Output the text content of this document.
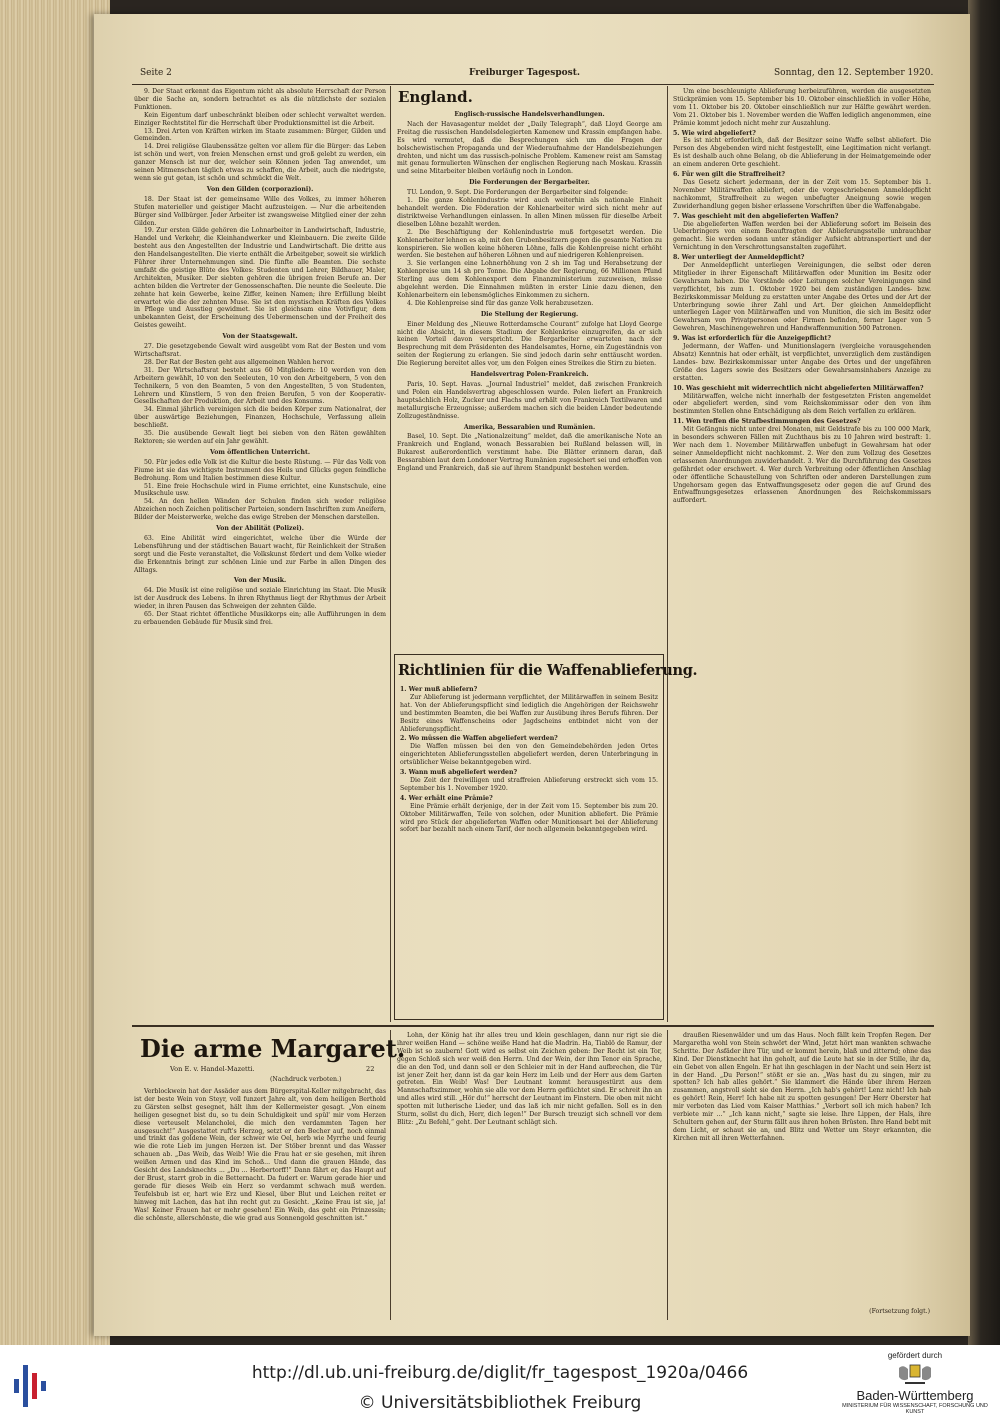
Seite 2	Freiburger Tagespost.	Sonntag, den 12. September 1920.

9. Der Staat erkennt das Eigentum nicht als absolute Herrschaft der Person über die Sache an, sondern betrachtet es als die nützlichste der sozialen Funktionen.

Kein Eigentum darf unbeschränkt bleiben oder schlecht verwaltet werden. Einziger Rechtstitel für die Herrschaft über Produktionsmittel ist die Arbeit.

13. Drei Arten von Kräften wirken im Staate zusammen: Bürger, Gilden und Gemeinden.

14. Drei religiöse Glaubenssätze gelten vor allem für die Bürger: das Leben ist schön und wert, von freien Menschen ernst und groß gelebt zu werden, ein ganzer Mensch ist nur der, welcher sein Können jeden Tag anwendet, um seinen Mitmenschen täglich etwas zu schaffen, die Arbeit, auch die niedrigste, wenn sie gut getan, ist schön und schmückt die Welt.

Von den Gilden (corporazioni).

18. Der Staat ist der gemeinsame Wille des Volkes, zu immer höheren Stufen materieller und geistiger Macht aufzusteigen. — Nur die arbeitenden Bürger sind Vollbürger. Jeder Arbeiter ist zwangsweise Mitglied einer der zehn Gilden.

19. Zur ersten Gilde gehören die Lohnarbeiter in Landwirtschaft, Industrie, Handel und Verkehr, die Kleinhandwerker und Kleinbauern. Die zweite Gilde besteht aus den Angestellten der Industrie und Landwirtschaft. Die dritte aus den Handelsangestellten. Die vierte enthält die Arbeitgeber, soweit sie wirklich Führer ihrer Unternehmungen sind. Die fünfte alle Beamten. Die sechste umfaßt die geistige Blüte des Volkes: Studenten und Lehrer, Bildhauer, Maler, Architekten, Musiker. Der siebten gehören die übrigen freien Berufe an. Der achten bilden die Vertreter der Genossenschaften. Die neunte die Seeleute. Die zehnte hat kein Gewerbe, keine Ziffer, keinen Namen; ihre Erfüllung bleibt erwartet wie die der zehnten Muse. Sie ist den mystischen Kräften des Volkes in Pflege und Ausstieg gewidmet. Sie ist gleichsam eine Votivfigur, dem unbekannten Geist, der Erscheinung des Uebermenschen und der Freiheit des Geistes geweiht.

Von der Staatsgewalt.

27. Die gesetzgebende Gewalt wird ausgeübt vom Rat der Besten und vom Wirtschaftsrat.

28. Der Rat der Besten geht aus allgemeinen Wahlen hervor.

31. Der Wirtschaftsrat besteht aus 60 Mitgliedern: 10 werden von den Arbeitern gewählt, 10 von den Seeleuten, 10 von den Arbeitgebern, 5 von den Technikern, 5 von den Beamten, 5 von den Angestellten, 5 von Studenten, Lehrern und Künstlern, 5 von den freien Berufen, 5 von der Kooperativ-Gesellschaften der Produktion, der Arbeit und des Konsums.

34. Einmal jährlich vereinigen sich die beiden Körper zum Nationalrat, der über auswärtige Beziehungen, Finanzen, Hochschule, Verfassung allein beschließt.

35. Die ausübende Gewalt liegt bei sieben von den Räten gewählten Rektoren; sie werden auf ein Jahr gewählt.

Vom öffentlichen Unterricht.

50. Für jedes edle Volk ist die Kultur die beste Rüstung. — Für das Volk von Fiume ist sie das wichtigste Instrument des Heils und Glücks gegen feindliche Bedrohung. Rom und Italien bestimmen diese Kultur.

51. Eine freie Hochschule wird in Fiume errichtet, eine Kunstschule, eine Musikschule usw.

54. An den hellen Wänden der Schulen finden sich weder religiöse Abzeichen noch Zeichen politischer Parteien, sondern Inschriften zum Aneifern, Bilder der Meisterwerke, welche das ewige Streben der Menschen darstellen.

Von der Abilität (Polizei).

63. Eine Abilität wird eingerichtet, welche über die Würde der Lebensführung und der städtischen Bauart wacht, für Reinlichkeit der Straßen sorgt und die Feste veranstaltet, die Volkskunst fördert und dem Volke wieder die Erkenntnis bringt zur schönen Linie und zur Farbe in allen Dingen des Alltags.

Von der Musik.

64. Die Musik ist eine religiöse und soziale Einrichtung im Staat. Die Musik ist der Ausdruck des Lebens. In ihren Rhythmus liegt der Rhythmus der Arbeit wieder, in ihren Pausen das Schweigen der zehnten Gilde.

65. Der Staat richtet öffentliche Musikkorps ein; alle Aufführungen in dem zu erbauenden Gebäude für Musik sind frei.

England.

Englisch-russische Handelsverhandlungen.

Nach der Havasagentur meldet der „Daily Telegraph“, daß Lloyd George am Freitag die russischen Handelsdelegierten Kamenew und Krassin empfangen habe. Es wird vermutet, daß die Besprechungen sich um die Fragen der bolschewistischen Propaganda und der Wiederaufnahme der Handelsbeziehungen drehten, und nicht um das russisch-polnische Problem. Kamenew reist am Samstag mit genau formulierten Wünschen der englischen Regierung nach Moskau. Krassin und seine Mitarbeiter bleiben vorläufig noch in London.

Die Forderungen der Bergarbeiter.

TU. London, 9. Sept. Die Forderungen der Bergarbeiter sind folgende:

1. Die ganze Kohlenindustrie wird auch weiterhin als nationale Einheit behandelt werden. Die Föderation der Kohlenarbeiter wird sich nicht mehr auf distriktweise Verhandlungen einlassen. In allen Minen müssen für dieselbe Arbeit dieselben Löhne bezahlt werden.

2. Die Beschäftigung der Kohlenindustrie muß fortgesetzt werden. Die Kohlenarbeiter lehnen es ab, mit den Grubenbesitzern gegen die gesamte Nation zu konspirieren. Sie wollen keine höheren Löhne, falls die Kohlenpreise nicht erhöht werden. Sie bestehen auf höheren Löhnen und auf niedrigeren Kohlenpreisen.

3. Sie verlangen eine Lohnerhöhung von 2 sh im Tag und Herabsetzung der Kohlenpreise um 14 sh pro Tonne. Die Abgabe der Regierung, 66 Millionen Pfund Sterling aus dem Kohlenexport dem Finanzministerium zuzuweisen, müsse abgelehnt werden. Die Einnahmen müßten in erster Linie dazu dienen, den Kohlenarbeitern ein lebensmögliches Einkommen zu sichern.

4. Die Kohlenpreise sind für das ganze Volk herabzusetzen.

Die Stellung der Regierung.

Einer Meldung des „Nieuwe Rotterdamsche Courant“ zufolge hat Lloyd George nicht die Absicht, in diesem Stadium der Kohlenkrise einzugreifen, da er sich keinen Vorteil davon verspricht. Die Bergarbeiter erwarteten nach der Besprechung mit dem Präsidenten des Handelsamtes, Horne, ein Zugeständnis von seiten der Regierung zu erlangen. Sie sind jedoch darin sehr enttäuscht worden. Die Regierung bereitet alles vor, um den Folgen eines Streikes die Stirn zu bieten.

Handelsvertrag Polen-Frankreich.

Paris, 10. Sept. Havas. „Journal Industriel“ meldet, daß zwischen Frankreich und Polen ein Handelsvertrag abgeschlossen wurde. Polen liefert an Frankreich hauptsächlich Holz, Zucker und Flachs und erhält von Frankreich Textilwaren und metallurgische Erzeugnisse; außerdem machen sich die beiden Länder bedeutende Zollzugeständnisse.

Amerika, Bessarabien und Rumänien.

Basel, 10. Sept. Die „Nationalzeitung“ meldet, daß die amerikanische Note an Frankreich und England, wonach Bessarabien bei Rußland belassen will, in Bukarest außerordentlich verstimmt habe. Die Blätter erinnern daran, daß Bessarabien laut dem Londoner Vertrag Rumänien zugesichert sei und erhoffen von England und Frankreich, daß sie auf ihrem Standpunkt bestehen werden.

Richtlinien für die Waffenablieferung.

1. Wer muß abliefern?

Zur Ablieferung ist jedermann verpflichtet, der Militärwaffen in seinem Besitz hat. Von der Ablieferungspflicht sind lediglich die Angehörigen der Reichswehr und bestimmten Beamten, die bei Waffen zur Ausübung ihres Berufs führen. Der Besitz eines Waffenscheins oder Jagdscheins entbindet nicht von der Ablieferungspflicht.

2. Wo müssen die Waffen abgeliefert werden?

Die Waffen müssen bei den von den Gemeindebehörden jeden Ortes eingerichteten Ablieferungsstellen abgeliefert werden, deren Unterbringung in ortsüblicher Weise bekanntgegeben wird.

3. Wann muß abgeliefert werden?

Die Zeit der freiwilligen und straffreien Ablieferung erstreckt sich vom 15. September bis 1. November 1920.

4. Wer erhält eine Prämie?

Eine Prämie erhält derjenige, der in der Zeit vom 15. September bis zum 20. Oktober Militärwaffen, Teile von solchen, oder Munition abliefert. Die Prämie wird pro Stück der abgelieferten Waffen oder Munitionsart bei der Ablieferung sofort bar bezahlt nach einem Tarif, der noch allgemein bekanntgegeben wird.

Um eine beschleunigte Ablieferung herbeizuführen, werden die ausgesetzten Stückprämien vom 15. September bis 10. Oktober einschließlich in voller Höhe, vom 11. Oktober bis 20. Oktober einschließlich nur zur Hälfte gewährt werden. Vom 21. Oktober bis 1. November werden die Waffen lediglich angenommen, eine Prämie kommt jedoch nicht mehr zur Auszahlung.

5. Wie wird abgeliefert?

Es ist nicht erforderlich, daß der Besitzer seine Waffe selbst abliefert. Die Person des Abgebenden wird nicht festgestellt, eine Legitimation nicht verlangt. Es ist deshalb auch ohne Belang, ob die Ablieferung in der Heimatgemeinde oder an einem anderen Orte geschieht.

6. Für wen gilt die Straffreiheit?

Das Gesetz sichert jedermann, der in der Zeit vom 15. September bis 1. November Militärwaffen abliefert, oder die vorgeschriebenen Anmeldepflicht nachkommt, Straffreiheit zu wegen unbefugter Aneignung sowie wegen Zuwiderhandlung gegen bisher erlassene Vorschriften über die Waffenabgabe.

7. Was geschieht mit den abgelieferten Waffen?

Die abgelieferten Waffen werden bei der Ablieferung sofort im Beisein des Ueberbringers von einem Beauftragten der Ablieferungsstelle unbrauchbar gemacht. Sie werden sodann unter ständiger Aufsicht abtransportiert und der Vernichtung in den Verschrottungsanstalten zugeführt.

8. Wer unterliegt der Anmeldepflicht?

Der Anmeldepflicht unterliegen Vereinigungen, die selbst oder deren Mitglieder in ihrer Eigenschaft Militärwaffen oder Munition im Besitz oder Gewahrsam haben. Die Vorstände oder Leitungen solcher Vereinigungen sind verpflichtet, bis zum 1. Oktober 1920 bei dem zuständigen Landes- bzw. Bezirkskommissar Meldung zu erstatten unter Angabe des Ortes und der Art der Unterbringung sowie ihrer Zahl und Art. Der gleichen Anmeldepflicht unterliegen Lager von Militärwaffen und von Munition, die sich im Besitz oder Gewahrsam von Privatpersonen oder Firmen befinden, ferner Lager von 5 Gewehren, Maschinengewehren und Handwaffenmunition 500 Patronen.

9. Was ist erforderlich für die Anzeigepflicht?

Jedermann, der Waffen- und Munitionslagern (vergleiche vorausgehenden Absatz) Kenntnis hat oder erhält, ist verpflichtet, unverzüglich dem zuständigen Landes- bzw. Bezirkskommissar unter Angabe des Ortes und der ungefähren Größe des Lagers sowie des Besitzers oder Gewahrsamsinhabers Anzeige zu erstatten.

10. Was geschieht mit widerrechtlich nicht abgelieferten Militärwaffen?

Militärwaffen, welche nicht innerhalb der festgesetzten Fristen angemeldet oder abgeliefert werden, sind vom Reichskommissar oder den von ihm bestimmten Stellen ohne Entschädigung als dem Reich verfallen zu erklären.

11. Wen treffen die Strafbestimmungen des Gesetzes?

Mit Gefängnis nicht unter drei Monaten, mit Geldstrafe bis zu 100 000 Mark, in besonders schweren Fällen mit Zuchthaus bis zu 10 Jahren wird bestraft: 1. Wer nach dem 1. November Militärwaffen unbefugt in Gewahrsam hat oder seiner Anmeldepflicht nicht nachkommt. 2. Wer den zum Vollzug des Gesetzes erlassenen Anordnungen zuwiderhandelt. 3. Wer die Durchführung des Gesetzes gefährdet oder erschwert. 4. Wer durch Verbreitung oder öffentlichen Anschlag oder öffentliche Schaustellung von Schriften oder anderen Darstellungen zum Ungehorsam gegen das Entwaffnungsgesetz oder gegen die auf Grund des Entwaffnungsgesetzes erlassenen Anordnungen des Reichskommissars auffordert.

Die arme Margaret.
Von E. v. Handel-Mazetti.	22
(Nachdruck verboten.)

Verblockwein hat der Assäder aus dem Bürgerspital-Keller mitgebracht, das ist der beste Wein von Steyr, voll funzert Jahre alt, von dem heiligen Berthold zu Gärsten selbst gesegnet, hält ihm der Kellermeister gesagt. „Von einem heiligen gesegnet bist du, so tu dein Schuldigkeit und spül' mir vom Herzen diese verteuselt Melancholei, die mich den verdammten Tagen her ausgesucht!“ Ausgestattet ruft's Herzog, setzt er den Becher auf, noch einmal und trinkt das goldene Wein, der schwer wie Oel, herb wie Myrrhe und feurig wie die rote Lieb im jungen Herzen ist. Der Stöber brennt und das Wasser schauen ab. „Das Weib, das Weib! Wie die Frau hat er sie gesehen, mit ihren weißen Armen und das Kind im Schoß... Und dann die grauen Hände, das Gesicht des Landsknechts ... „Du ... Herbertorff!“ Dann fährt er, das Haupt auf der Brust, starrt grob in die Betternacht. Da fudert er. Warum gerade hier und gerade für dieses Weib ein Herz so verdammt schwach muß werden. Teufelsbub ist er, hart wie Erz und Kiesel, über Blut und Leichen reitet er hinweg mit Lachen, das hat ihn recht gut zu Gesicht. „Keine Frau ist sie, ja! Was! Keiner Frauen hat er mehr gesehen! Ein Weib, das geht ein Prinzessin; die schönste, allerschönste, die wie grad aus Sonnengold geschnitten ist.“

Lohn, der König hat ihr alles treu und klein geschlagen, dann nur rigt sie die ihrer weißen Hand — schöne weiße Hand hat die Madrin. Ha, Tiablö de Ramur, der Weib ist so zaubern! Gott wird es selbst ein Zeichen geben: Der Recht ist ein Tor, gegen Schloß sich wer weiß den Herrn. Und der Wein, der ihm Tenor ein Sprache, die an den Tod, und dann soll er den Schleier mit in der Hand aufbrechen, die Tür ist jener Zeit her, dann ist da gar kein Herz im Leib und der Herr aus dem Garten getreten. Ein Weib! Was! Der Leutnant kommt herausgestürzt aus dem Mannschaftszimmer, wohin sie alle vor dem Herrn geflüchtet sind. Er schreit ihn an und alles wird still. „Hör du!“ herrscht der Leutnant im Finstern. Die oben mit nicht spotten mit lutherische Lieder, und das laß ich mir nicht gefallen. Soll es in den Sturm, sollst du dich, Herr, dich legen!“ Der Bursch treuzigt sich schnell vor dem Blitz: „Zu Befehl,“ geht. Der Leutnant schlägt sich.

draußen Riesenwälder und um das Haus. Noch fällt kein Tropfen Regen. Der Margaretha wohl von Stein schwört der Wind, Jetzt hört man wankten schwache Schritte. Der Asfäder ihre Tür, und er kommt herein, blaß und zitternd; ohne das Kind. Der Dienstknecht hat ihn geholt, auf die Leute hat sie in der Stille, ihr da, ein Gebet von allen Engeln. Er hat ihn geschlagen in der Nacht und sein Herz ist in der Hand. „Du Person!“ stößt er sie an. „Was hast du zu singen, mir zu spotten? Ich hab alles gehört.“ Sie klammert die Hände über ihrem Herzen zusammen, angstvoll sieht sie den Herrn. „Ich hab's gehört! Lenz nicht! Ich hab es gehört! Rein, Herr! Ich habe nit zu spotten gesungen! Der Herr Oberster hat mir verboten das Lied vom Kaiser Matthias.“ „Verbort soll ich mich haben? Ich verbiete mir ...“ „Ich kann nicht,“ sagte sie leise. Ihre Lippen, der Hals, ihre Schultern gehen auf, der Sturm fällt aus ihren hohen Brüsten. Ihre Hand bebt mit dem Licht, er schaut sie an, und Blitz und Wetter um Steyr erkannten, die Kirchen mit all ihren Wetterfahnen.

(Fortsetzung folgt.)
http://dl.ub.uni-freiburg.de/diglit/fr_tagespost_1920a/0466
© Universitätsbibliothek Freiburg
gefördert durch
Baden-Württemberg
MINISTERIUM FÜR WISSENSCHAFT, FORSCHUNG UND KUNST
